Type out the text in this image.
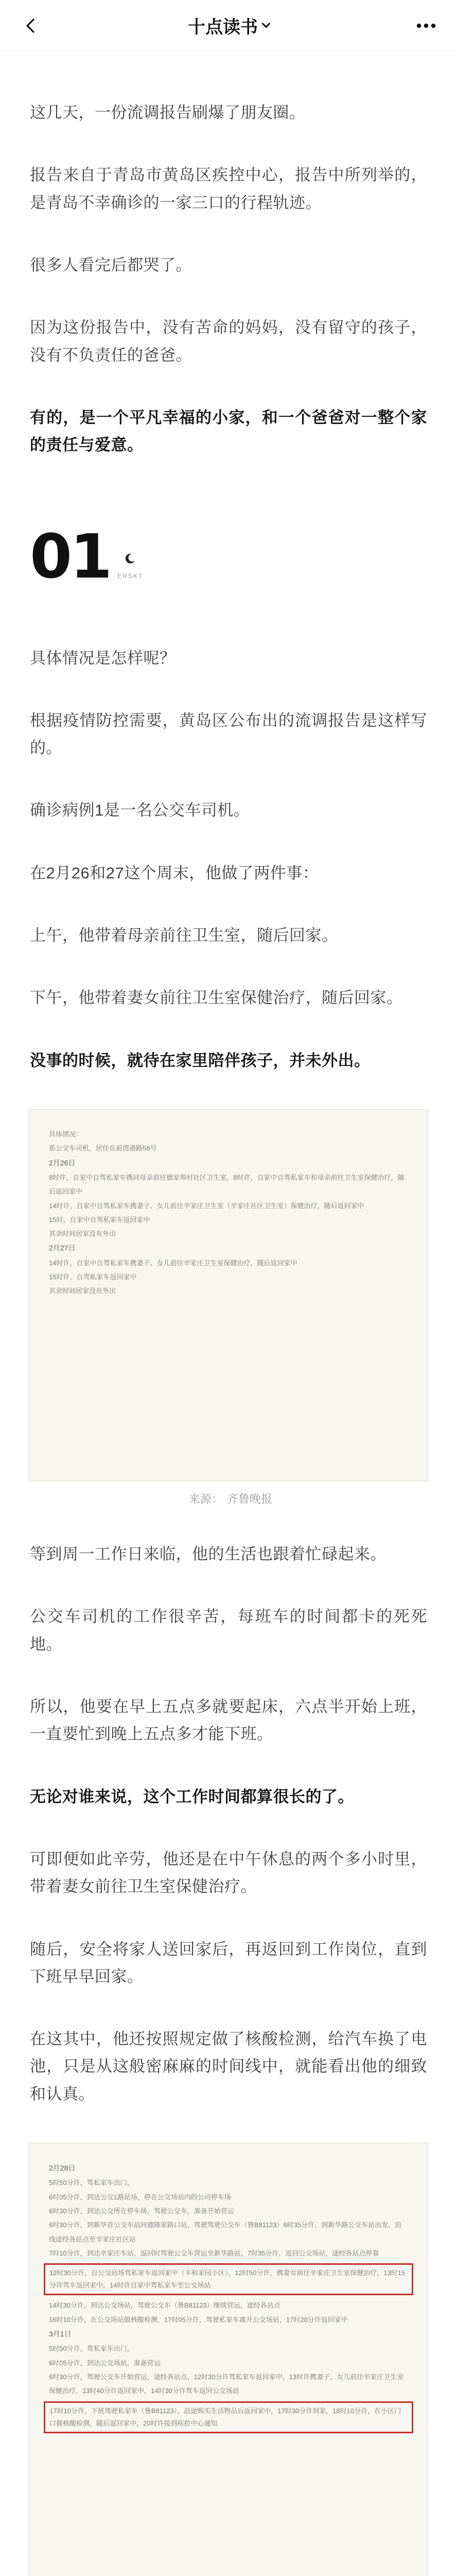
十点读书

这几天，一份流调报告刷爆了朋友圈。

报告来自于青岛市黄岛区疾控中心，报告中所列举的，是青岛不幸确诊的一家三口的行程轨迹。

很多人看完后都哭了。

因为这份报告中，没有苦命的妈妈，没有留守的孩子，没有不负责任的爸爸。

有的，是一个平凡幸福的小家，和一个爸爸对一整个家的责任与爱意。

01 ERSKT

具体情况是怎样呢？

根据疫情防控需要，黄岛区公布出的流调报告是这样写的。

确诊病例1是一名公交车司机。

在2月26和27这个周末，他做了两件事：

上午，他带着母亲前往卫生室，随后回家。

下午，他带着妻女前往卫生室保健治疗，随后回家。

没事的时候，就待在家里陪伴孩子，并未外出。

具体情况：
系公交车司机，居住在前湾港路58号
2月26日
8时许，自家中自驾私家车携同母亲前往德家埠村社区卫生室，8时许，自家中自驾私家车和母亲前往卫生室保健治疗，随后返回家中
14时许，自家中自驾私家车携妻子、女儿前往辛家庄卫生室（辛家庄社区卫生室）保健治疗，随后返回家中
15时，自家中自驾私家车返回家中
其余时间居家没有外出
2月27日
14时许，自家中自驾私家车携妻子、女儿前往辛家庄卫生室保健治疗，随后返回家中
15时许，自驾私家车返回家中
其余时间居家没有外出
来源： 齐鲁晚报

等到周一工作日来临，他的生活也跟着忙碌起来。

公交车司机的工作很辛苦，每班车的时间都卡的死死地。

所以，他要在早上五点多就要起床，六点半开始上班，一直要忙到晚上五点多才能下班。

无论对谁来说，这个工作时间都算很长的了。

可即便如此辛劳，他还是在中午休息的两个多小时里，带着妻女前往卫生室保健治疗。

随后，安全将家人送回家后，再返回到工作岗位，直到下班早早回家。

在这其中，他还按照规定做了核酸检测，给汽车换了电池，只是从这般密麻麻的时间线中，就能看出他的细致和认真。

2月28日
5时50分许，驾私家车出门，
6时05分许，到达公交1路站场，停在公交场站内的公司停车场
6时30分许，到达公交所在停车场，驾驶公交车，准备开始营运
6时30分许，到新华首公交车站同德隆家路口站，驾驶驾驶公交车（鲁B81123）6时35分许，到新华路公交车站出发，沿线途经各站点至辛家庄社区站
7时10分许，到达辛家庄车站，返回时驾驶公交车营运至新华路站，7时35分许，返回公交场站，途经各站点停靠
12时30分许，自公交站场驾私家车返回家中（丰和家园小区），12时50分许，携妻女前往辛家庄卫生室保健治疗，13时15分许驾车返回家中，14时许自家中驾私家车至公交场站
14时30分许，到达公交场站，驾驶公交车（鲁B81123）继续营运，途经各站点
16时10分许，在公交场站做核酸检测，17时05分许，驾驶私家车离开公交场站，17时20分许返回家中
3月1日
5时50分许，驾私家车出门，
6时05分许，到达公交场站，准备营运
6时30分许，驾驶公交车开始营运，途经各站点，12时30分许驾私家车返回家中，13时许携妻子、女儿前往辛家庄卫生室保健治疗，13时40分许返回家中，14时30分许驾车返回公交场站
17时10分许，下班驾驶私家车（鲁B81123），沿途购买生活物品后返回家中，17时30分许到家，18时10分许，在小区门口做核酸检测，随后返回家中，20时许接到疾控中心通知
